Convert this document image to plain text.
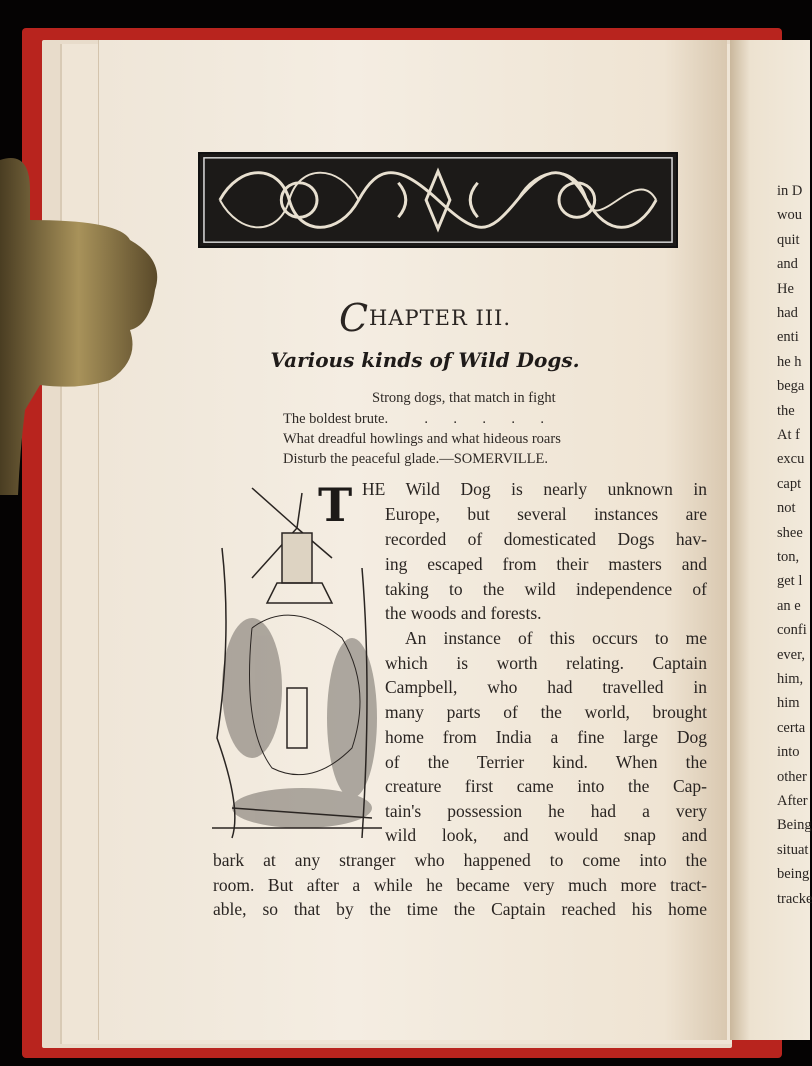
CHAPTER III.
Various kinds of Wild Dogs.
Strong dogs, that match in fight
The boldest brute.          .       .       .       .       .
What dreadful howlings and what hideous roars
Disturb the peaceful glade.—SOMERVILLE.
T HE Wild Dog is nearly unknown in
Europe, but several instances are
recorded of domesticated Dogs hav-
ing escaped from their masters and
taking to the wild independence of
the woods and forests.
An instance of this occurs to me
which is worth relating. Captain
Campbell, who had travelled in
many parts of the world, brought
home from India a fine large Dog
of the Terrier kind. When the
creature first came into the Cap-
tain's possession he had a very
wild look, and would snap and
bark at any stranger who happened to come into the
room. But after a while he became very much more tract-
able, so that by the time the Captain reached his home
in D
wou
quit
and
He
had
enti
he h
bega
the
At f
excu
capt
not
shee
ton,
get l
an e
confi
ever,
him,
him
certa
into
other
After
Being
situat
being
tracke
